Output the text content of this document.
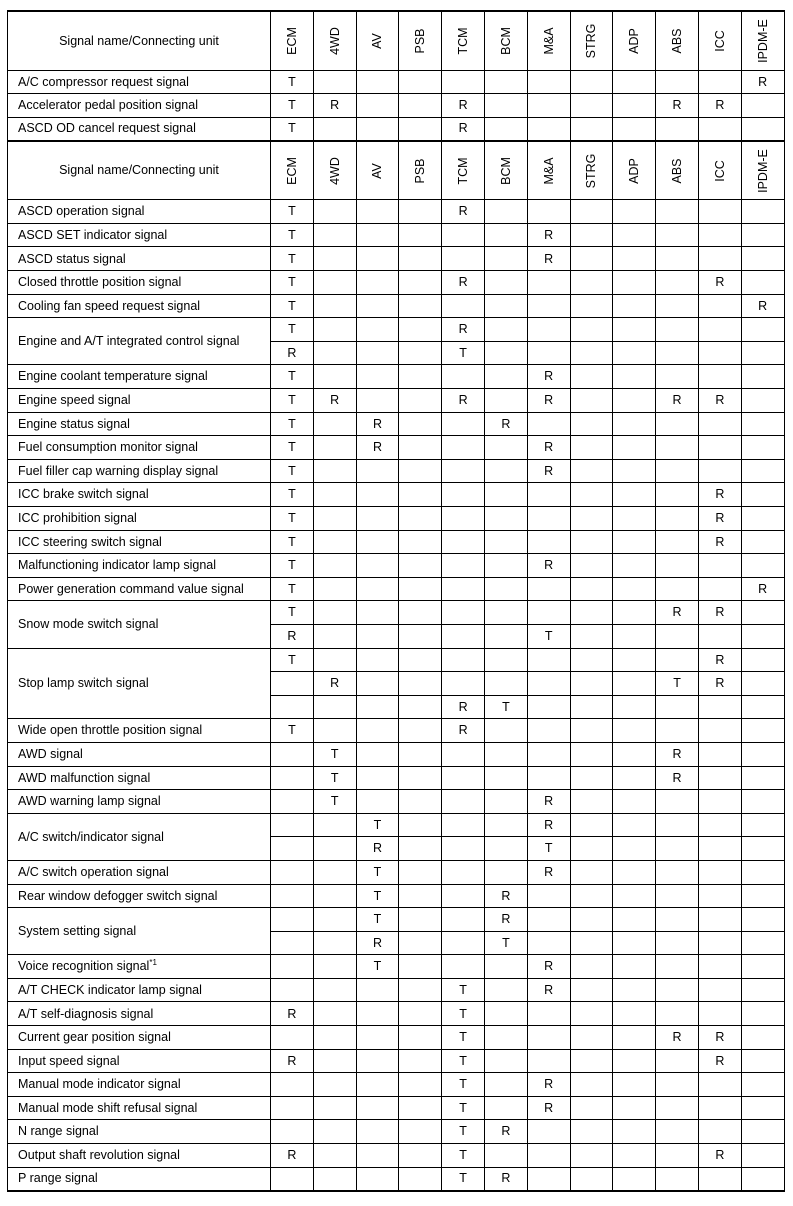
Signal name/Connecting unit	ECM	4WD	AV	PSB	TCM	BCM	M&A	STRG	ADP	ABS	ICC	IPDM-E

A/C compressor request signal	T											R
Accelerator pedal position signal	T	R			R					R	R	
ASCD OD cancel request signal	T				R							
Signal name/Connecting unit	ECM	4WD	AV	PSB	TCM	BCM	M&A	STRG	ADP	ABS	ICC	IPDM-E

ASCD operation signal	T				R							
ASCD SET indicator signal	T						R					
ASCD status signal	T						R					
Closed throttle position signal	T				R						R	
Cooling fan speed request signal	T											R
Engine and A/T integrated control signal	T				R							
	R				T							
Engine coolant temperature signal	T						R					
Engine speed signal	T	R			R		R			R	R	
Engine status signal	T		R			R						
Fuel consumption monitor signal	T		R				R					
Fuel filler cap warning display signal	T						R					
ICC brake switch signal	T										R	
ICC prohibition signal	T										R	
ICC steering switch signal	T										R	
Malfunctioning indicator lamp signal	T						R					
Power generation command value signal	T											R
Snow mode switch signal	T									R	R	
	R						T					
Stop lamp switch signal	T										R	
		R								T	R	
					R	T						
Wide open throttle position signal	T				R							
AWD signal		T								R		
AWD malfunction signal		T								R		
AWD warning lamp signal		T					R					
A/C switch/indicator signal			T				R					
			R				T					
A/C switch operation signal			T				R					
Rear window defogger switch signal			T			R						
System setting signal			T			R						
			R			T						
Voice recognition signal$^{*1}$			T				R					
A/T CHECK indicator lamp signal					T		R					
A/T self-diagnosis signal	R				T							
Current gear position signal					T					R	R	
Input speed signal	R				T						R	
Manual mode indicator signal					T		R					
Manual mode shift refusal signal					T		R					
N range signal					T	R						
Output shaft revolution signal	R				T						R	
P range signal					T	R						
